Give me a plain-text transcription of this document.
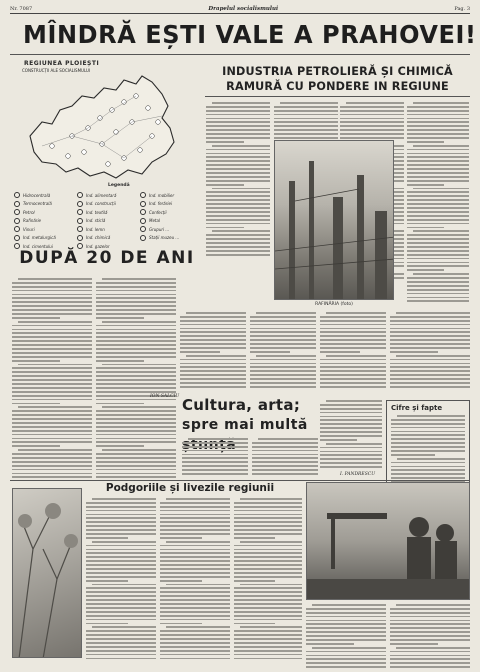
Nr. 7087	Drapelul socialismului	Pag. 3
MÎNDRĂ EȘTI VALE A PRAHOVEI!
REGIUNEA PLOIEȘTI
CONSTRUCȚII ALE SOCIALISMULUI
Legendă
Hidrocentrală	Ind. alimentară	Ind. mobilier
Termocentrală	Ind. construcții	Ind. ferăriei
Petrol	Ind. textilă	Confecții
Rafinărie	Ind. sticlă	Metal
Vinuri	Ind. lemn	Grupuri ...
Ind. metalurgică	Ind. chimică	Stații muzeu ...
Ind. cimentului	Ind. gazelor
DUPĂ 20 DE ANI
INDUSTRIA PETROLIERĂ ȘI CHIMICĂ
RAMURĂ CU PONDERE IN REGIUNE
RAFINĂRIA (foto)
ION SALCIU Cultura, arta;
spre mai multă
I. PANDRESCU
Cifre și fapte
Podgoriile și livezile regiunii
